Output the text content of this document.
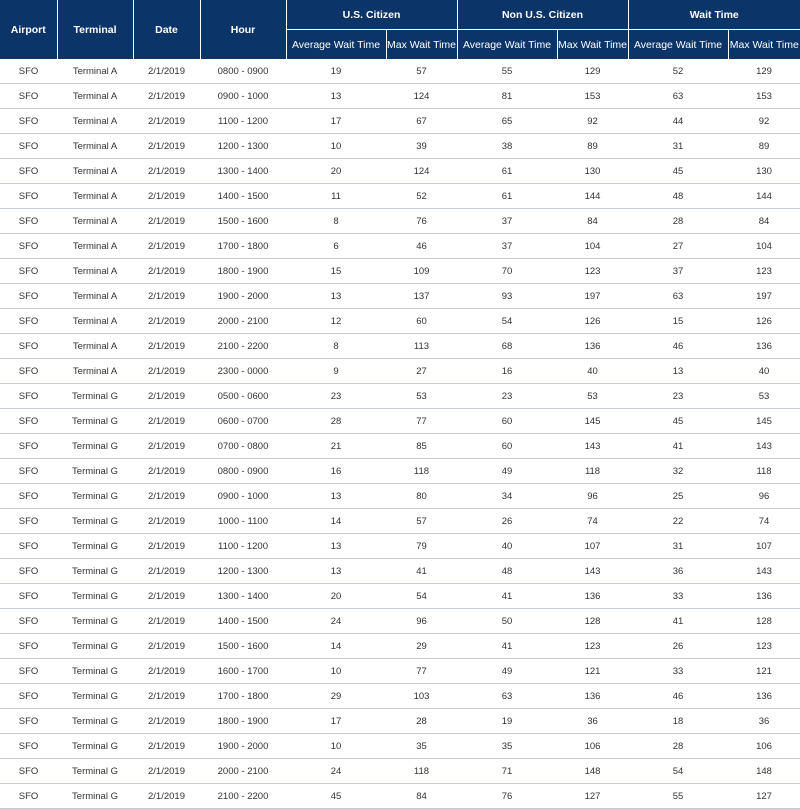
Airport	Terminal	Date	Hour	U.S. Citizen		Non U.S. Citizen		Wait Time	
				Average Wait Time	Max Wait Time	Average Wait Time	Max Wait Time	Average Wait Time	Max Wait Time
SFO	Terminal A	2/1/2019	0800 - 0900	19	57	55	129	52	129
SFO	Terminal A	2/1/2019	0900 - 1000	13	124	81	153	63	153
SFO	Terminal A	2/1/2019	1100 - 1200	17	67	65	92	44	92
SFO	Terminal A	2/1/2019	1200 - 1300	10	39	38	89	31	89
SFO	Terminal A	2/1/2019	1300 - 1400	20	124	61	130	45	130
SFO	Terminal A	2/1/2019	1400 - 1500	11	52	61	144	48	144
SFO	Terminal A	2/1/2019	1500 - 1600	8	76	37	84	28	84
SFO	Terminal A	2/1/2019	1700 - 1800	6	46	37	104	27	104
SFO	Terminal A	2/1/2019	1800 - 1900	15	109	70	123	37	123
SFO	Terminal A	2/1/2019	1900 - 2000	13	137	93	197	63	197
SFO	Terminal A	2/1/2019	2000 - 2100	12	60	54	126	15	126
SFO	Terminal A	2/1/2019	2100 - 2200	8	113	68	136	46	136
SFO	Terminal A	2/1/2019	2300 - 0000	9	27	16	40	13	40
SFO	Terminal G	2/1/2019	0500 - 0600	23	53	23	53	23	53
SFO	Terminal G	2/1/2019	0600 - 0700	28	77	60	145	45	145
SFO	Terminal G	2/1/2019	0700 - 0800	21	85	60	143	41	143
SFO	Terminal G	2/1/2019	0800 - 0900	16	118	49	118	32	118
SFO	Terminal G	2/1/2019	0900 - 1000	13	80	34	96	25	96
SFO	Terminal G	2/1/2019	1000 - 1100	14	57	26	74	22	74
SFO	Terminal G	2/1/2019	1100 - 1200	13	79	40	107	31	107
SFO	Terminal G	2/1/2019	1200 - 1300	13	41	48	143	36	143
SFO	Terminal G	2/1/2019	1300 - 1400	20	54	41	136	33	136
SFO	Terminal G	2/1/2019	1400 - 1500	24	96	50	128	41	128
SFO	Terminal G	2/1/2019	1500 - 1600	14	29	41	123	26	123
SFO	Terminal G	2/1/2019	1600 - 1700	10	77	49	121	33	121
SFO	Terminal G	2/1/2019	1700 - 1800	29	103	63	136	46	136
SFO	Terminal G	2/1/2019	1800 - 1900	17	28	19	36	18	36
SFO	Terminal G	2/1/2019	1900 - 2000	10	35	35	106	28	106
SFO	Terminal G	2/1/2019	2000 - 2100	24	118	71	148	54	148
SFO	Terminal G	2/1/2019	2100 - 2200	45	84	76	127	55	127
